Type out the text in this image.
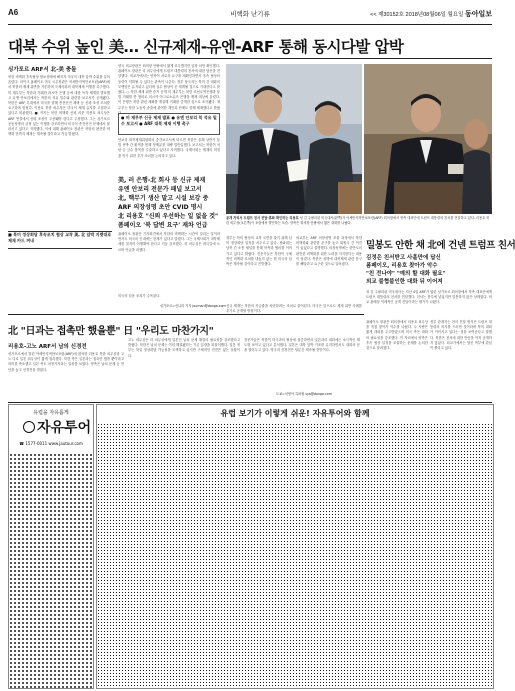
A6	비핵화 난기류	<< 제30152호 2018년08월06일 월요일 동아일보
대북 수위 높인 美… 신규제재-유엔-ARF 통해 동시다발 압박
싱가포르 ARF서 北-美 충돌
북한 비핵화 후속협상 답보상태에 빠지자 미국이 대북 압박 수위를 끌어올렸다. 마이크 폼페이오 미국 국무장관은 아세안지역안보포럼(ARF)에서 북한의 제재 위반을 거론하며 국제사회의 대북제재 이행을 촉구했다. 미 재무부는 북한과 거래한 러시아 은행 등에 대한 독자 제재를 발표했고 유엔 안보리에서는 북한의 석유 밀수와 관련한 보고서가 공개됐다. 북한은 ARF 무대에서 미국을 향해 종전선언 채택 등 신뢰 조성 조치를 요구하며 맞섰다. 이용호 북한 외무상은 미국이 제재 유지를 고집하고 있다고 비판했다. ■ 커지는 북한 비핵화 신뢰 의문 리용호 외무상은 ARF 연설에서 신뢰 조성이 우선돼야 한다고 주장했다. 그는 싱가포르 공동성명의 균형 있는 이행을 강조하면서 미국이 종전선언 문제에서 물러서고 있다고 지적했다. 이에 대해 폼페이오 장관은 북한의 완전한 비핵화 전까지 제재는 계속될 것이라고 거듭 밝혔다.
■ 북미 정상회담 후속조치 협상 교착 美, 北 압박 지렛대로 제재 카드 꺼내
양국 외교장관은 회의장 안팎에서 짧게 조우했지만 입장 차만 확인했다. 폼페이오 장관은 리 외무상에게 트럼프 대통령의 친서에 대한 답신을 전달했다. 외교가에서는 양측이 서로의 요구를 재확인하면서 후속 협상의 동력이 약화될 수 있다는 관측이 나온다. 정부 당국자는 북미 간 대화의 모멘텀은 유지되고 있다며 실무 협상이 곧 재개될 것으로 기대한다고 밝혔다. ○ 북한 제재 위반 증거 공개 미 재무부는 북한 조선무역은행과 불법 거래를 한 혐의로 러시아 아그로소유즈 은행을 제재 대상에 올렸다. 이 은행은 북한 관련 계좌를 개설해 거래를 중개한 것으로 조사됐다. 재무부는 북한 노동자 송출에 관여한 개인과 단체도 함께 제재했다고 밝혔
● 미 재무부 신규 제재 발표 ● 유엔 안보리 북 석유 밀수 보고서 ● ARF 대북 제재 이행 촉구
안보리 대북제재위원회의 중간보고서에 따르면 북한은 올해 상반기 불법 선박 간 환적을 통해 정제유를 대량 밀반입했다. 보고서는 북한이 석탄 등 금수 품목을 수출하고 있다고 지적했다. 국제사회는 제재의 허점을 막기 위한 추가 조치를 논의하고 있다.

美, 러 은행-北 회사 등 신규 제재

유엔 안보리 전문가 패널 보고서

北, 핵무기 생산 말고 시설 보강 중

ARF 의장성명 초안 CVID 명시

北 리용호 "신뢰 우선하는 일 없을 것"

폼페이오 '북 답변 요구' 재차 언급

공개 자리서 트럼프 친서 전달-휴화 확인하는 리용호 성 김 주필리핀 미국대사(왼쪽)가 아세안지역안보포럼(ARF) 회의장에서 북측 대표단에 트럼프 대통령의 친서를 전달하고 있다. 리용호 북한 외무상(오른쪽)이 포럼에서 발언하는 모습. 양측은 회의장 안팎에서 짧은 대화를 나눴다.
정부는 북미 협상의 교착 국면을 풀기 위해 남북 정상회담 일정을 서두르고 있다. 청와대는 남북 간 소통 채널을 통해 북측과 협의를 이어가고 있다고 밝혔다. 전문가들은 북한이 구체적인 비핵화 조치를 내놓지 않는 한 미국의 압박은 계속될 것이라고 전망했다.
외교부는 ARF 의장성명 조율 과정에서 북한 비핵화와 관련한 문구를 놓고 회원국 간 이견이 있었다고 설명했다. 의장성명에는 한반도의 완전한 비핵화를 위한 노력을 지지한다는 내용이 담겼다. 북한은 성명에 대북제재 관련 문구를 빼달라고 요구한 것으로 알려졌다.
폼페이오 장관은 기자회견에서 북한의 비핵화는 시간이 걸리는 일이라면서도 미국의 인내에는 한계가 있다고 말했다. 그는 국제사회가 대북제재를 철저히 이행해야 한다고 거듭 강조했다. 리 외무상은 귀국길에 오르며 언급을 피했다.
미국의 다음 조치가 주목된다.
신규 제재는 북한의 자금줄을 차단하려는 조치로 풀이된다. 미국은 앞으로도 제재 위반 사례를 추가로 공개할 방침이다.
싱가포르=신나리 기자 journari@donga.com
밀봉도 안한 채 北에 건넨 트럼프 친서

김정은 친서받고 사흘만에 답신

폼페이오, 리용호 찾아가 악수

"친 전나야" "예의 할 대화 필요"

외교 불협불인한 대화 뒤 이어져

성 김 주필리핀 미국대사는 지난 4일 ARF가 열린 싱가포르 회의장에서 북측 대표단에게 트럼프 대통령의 친서를 전달했다. 친서는 봉투에 넣었지만 밀봉하지 않은 상태였다. 외교 관례상 이례적인 공개 전달이라는 평가가 나왔다.
폼페이오 장관은 회의장에서 리용호 외무상을 직접 찾아가 악수를 나눴다. 두 사람은 짧게 대화를 주고받았으며 미국 측은 대화의 필요성을 강조했다. 이 자리에서 양측은 후속 협상 일정을 조율하는 문제를 논의한 것으로 알려졌다.
정부 관계자는 친서 전달 방식은 트럼프 대통령의 의지를 드러낸 것이라며 북미 대화가 이어지고 있다는 점을 보여준다고 말했다. 북한은 친서에 대한 반응을 아직 공개하지 않았다. 외교가에서는 답신 여부에 관심이 쏠리고 있다.
北 "日과는 접촉만 했을뿐" 日 "우리도 마찬가지"
리용호-고노 ARF서 남의 신경전
싱가포르에서 열린 아세안지역안보포럼(ARF)에 참석한 리용호 북한 외무상과 고노 다로 일본 외무상이 짧게 접촉했다. 북한 측은 일본과는 접촉만 했을 뿐이라고 의미를 축소했고 일본 측도 마찬가지라는 입장을 보였다. 양측은 납치 문제 등 현안을 놓고 신경전을 벌였다.
고노 외무상은 리 외무상에게 일본인 납치 문제 해결의 필요성을 강조했다고 밝혔다. 북한은 납치 문제는 이미 해결됐다는 기존 입장을 되풀이했다. 일본 정부는 북일 정상회담 가능성을 모색하고 있지만 구체적인 진전은 없는 상황이다.
전문가들은 북한이 미국과의 협상에 집중하면서 일본과의 대화에는 소극적인 태도를 보이고 있다고 분석했다. 일본은 대북 압박 기조를 유지하면서도 대화의 문을 열어두고 있다. 양국의 신경전은 당분간 계속될 전망이다.
도쿄=서영아 특파원 sya@donga.com
유럽을 자유롭게
자유투어
☎ 1577-0011 www.jautour.com
유럽 보기가 이렇게 쉬운! 자유투어와 함께
